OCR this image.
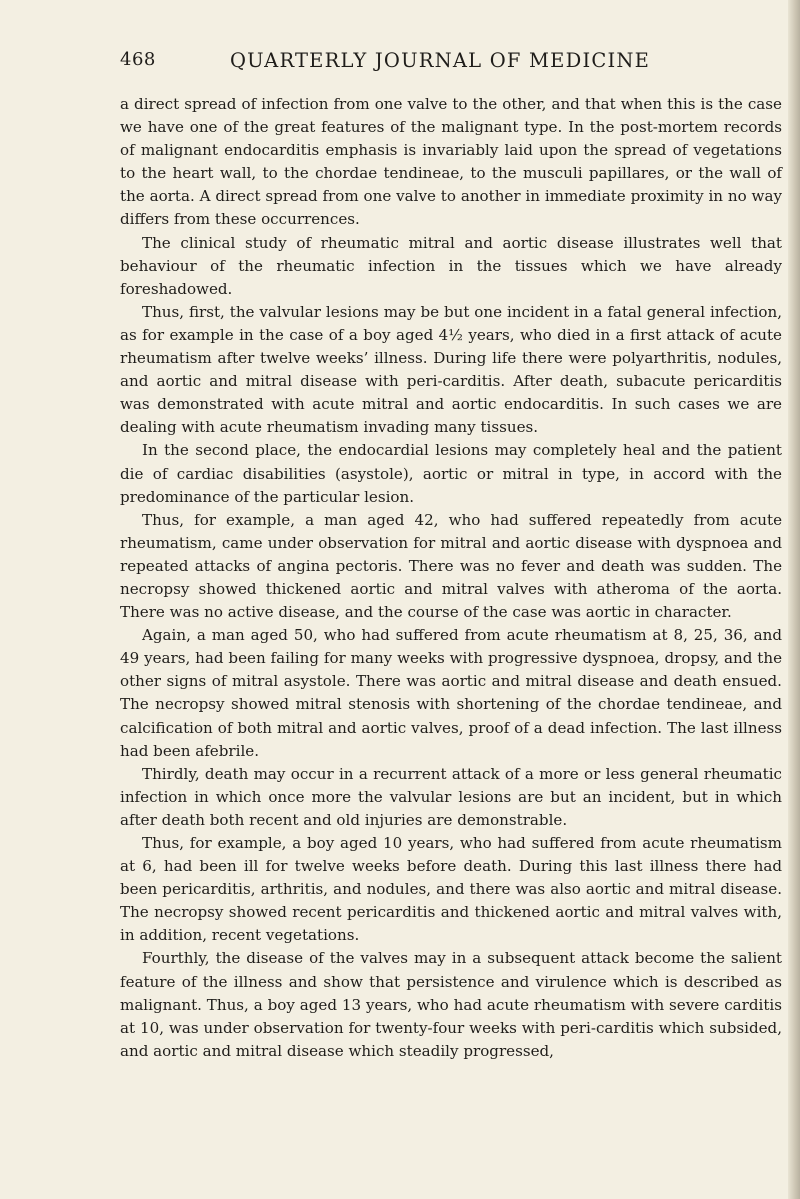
468	QUARTERLY JOURNAL OF MEDICINE

a direct spread of infection from one valve to the other, and that when this is the case we have one of the great features of the malignant type. In the post-mortem records of malignant endocarditis emphasis is invariably laid upon the spread of vegetations to the heart wall, to the chordae tendineae, to the musculi papillares, or the wall of the aorta. A direct spread from one valve to another in immediate proximity in no way differs from these occurrences.

The clinical study of rheumatic mitral and aortic disease illustrates well that behaviour of the rheumatic infection in the tissues which we have already foreshadowed.

Thus, first, the valvular lesions may be but one incident in a fatal general infection, as for example in the case of a boy aged 4½ years, who died in a first attack of acute rheumatism after twelve weeks’ illness. During life there were polyarthritis, nodules, and aortic and mitral disease with peri-carditis. After death, subacute pericarditis was demonstrated with acute mitral and aortic endocarditis. In such cases we are dealing with acute rheumatism invading many tissues.

In the second place, the endocardial lesions may completely heal and the patient die of cardiac disabilities (asystole), aortic or mitral in type, in accord with the predominance of the particular lesion.

Thus, for example, a man aged 42, who had suffered repeatedly from acute rheumatism, came under observation for mitral and aortic disease with dyspnoea and repeated attacks of angina pectoris. There was no fever and death was sudden. The necropsy showed thickened aortic and mitral valves with atheroma of the aorta. There was no active disease, and the course of the case was aortic in character.

Again, a man aged 50, who had suffered from acute rheumatism at 8, 25, 36, and 49 years, had been failing for many weeks with progressive dyspnoea, dropsy, and the other signs of mitral asystole. There was aortic and mitral disease and death ensued. The necropsy showed mitral stenosis with shortening of the chordae tendineae, and calcification of both mitral and aortic valves, proof of a dead infection. The last illness had been afebrile.

Thirdly, death may occur in a recurrent attack of a more or less general rheumatic infection in which once more the valvular lesions are but an incident, but in which after death both recent and old injuries are demonstrable.

Thus, for example, a boy aged 10 years, who had suffered from acute rheumatism at 6, had been ill for twelve weeks before death. During this last illness there had been pericarditis, arthritis, and nodules, and there was also aortic and mitral disease. The necropsy showed recent pericarditis and thickened aortic and mitral valves with, in addition, recent vegetations.

Fourthly, the disease of the valves may in a subsequent attack become the salient feature of the illness and show that persistence and virulence which is described as malignant. Thus, a boy aged 13 years, who had acute rheumatism with severe carditis at 10, was under observation for twenty-four weeks with peri-carditis which subsided, and aortic and mitral disease which steadily progressed,
